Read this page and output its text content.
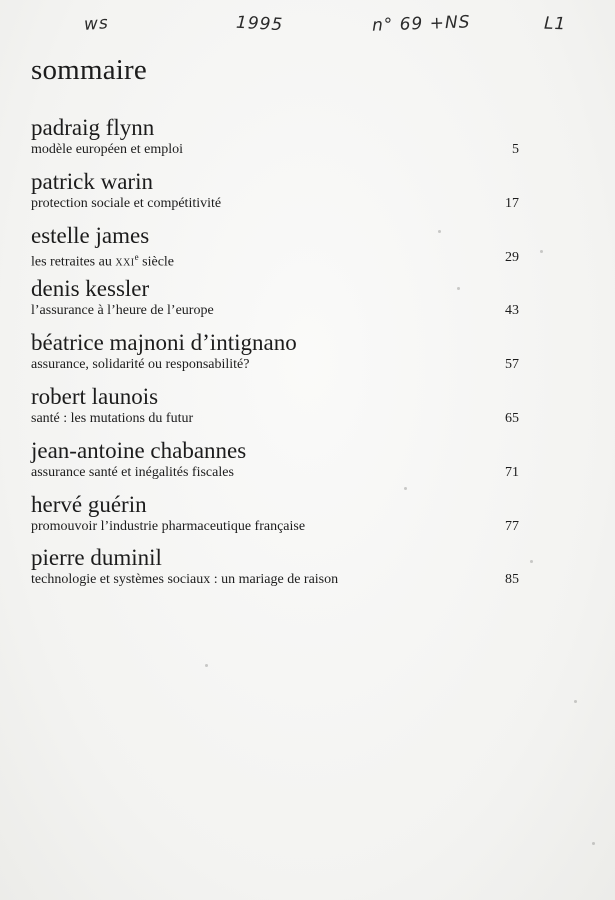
ws	1995	n° 69 +NS	L1
sommaire
padraig flynn
modèle européen et emploi	5
patrick warin
protection sociale et compétitivité	17
estelle james
les retraites au XXIe siècle	29
denis kessler
l’assurance à l’heure de l’europe	43
béatrice majnoni d’intignano
assurance, solidarité ou responsabilité?	57
robert launois
santé : les mutations du futur	65
jean-antoine chabannes
assurance santé et inégalités fiscales	71
hervé guérin
promouvoir l’industrie pharmaceutique française	77
pierre duminil
technologie et systèmes sociaux : un mariage de raison	85
